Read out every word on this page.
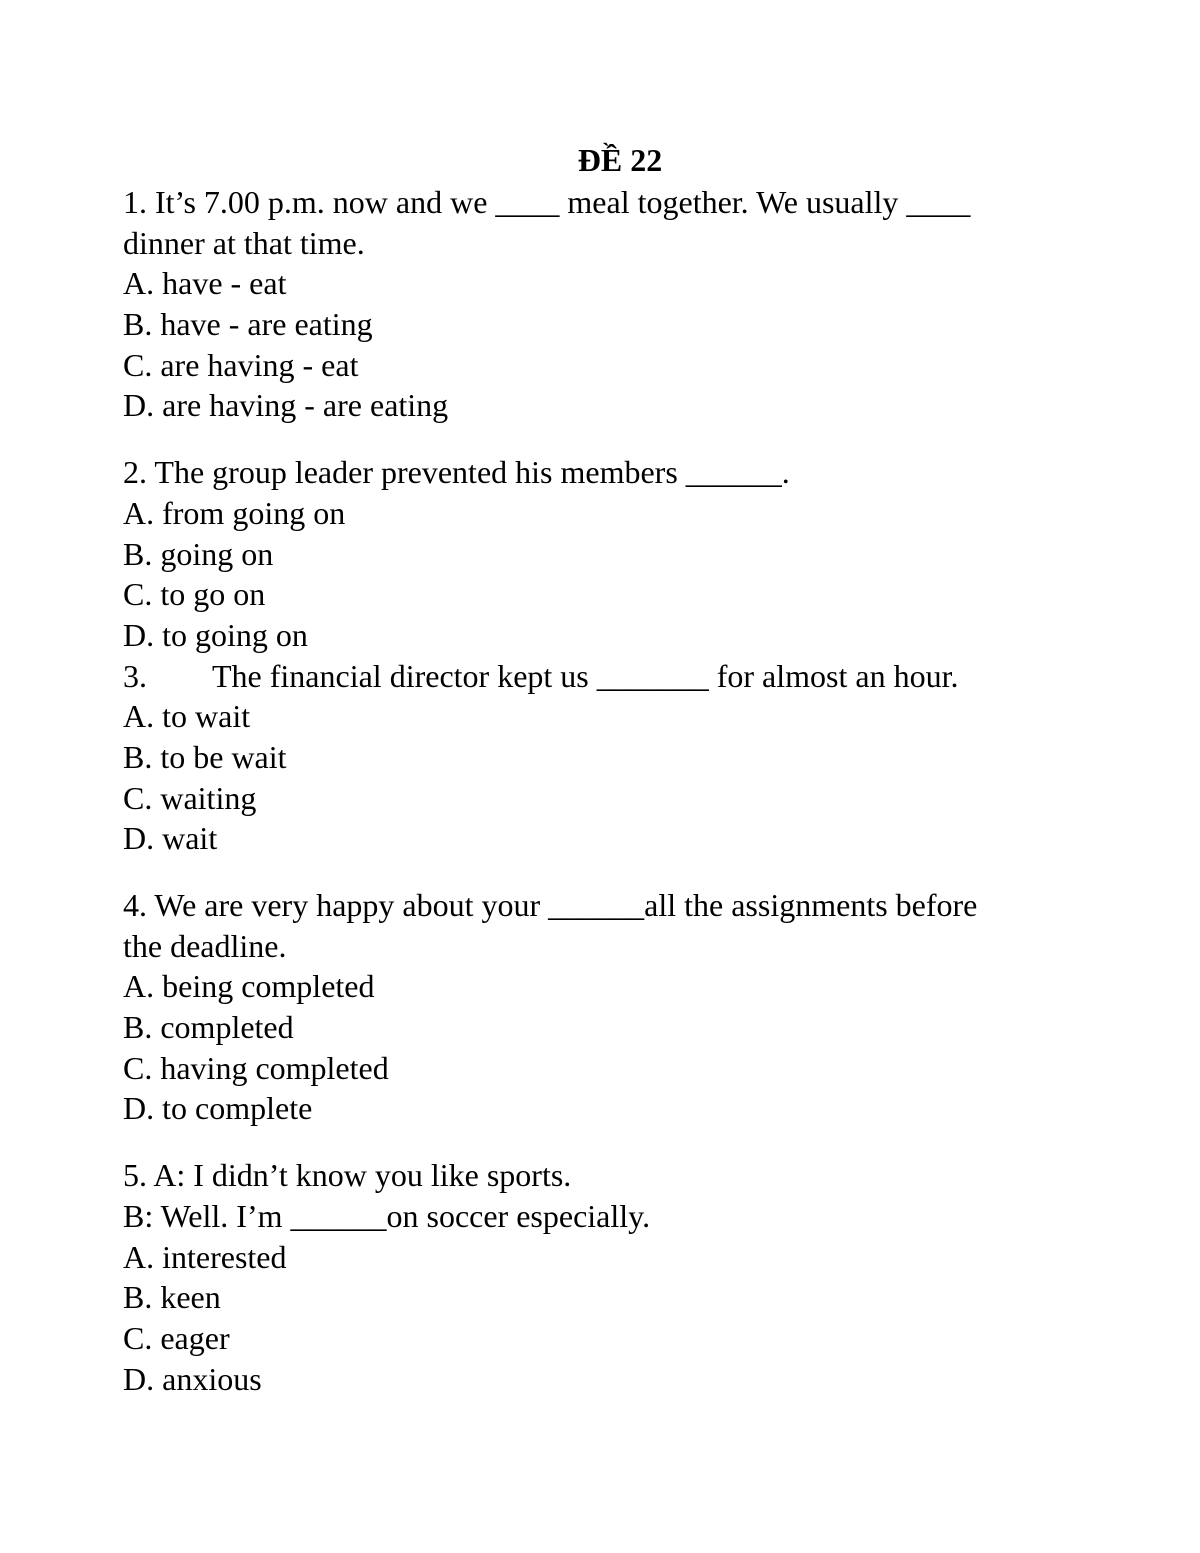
ĐỀ 22
1. It’s 7.00 p.m. now and we ____ meal together. We usually ____
dinner at that time.
A. have - eat
B. have - are eating
C. are having - eat
D. are having - are eating
2. The group leader prevented his members ______.
A. from going on
B. going on
C. to go on
D. to going on
3. The financial director kept us _______ for almost an hour.
A. to wait
B. to be wait
C. waiting
D. wait
4. We are very happy about your ______all the assignments before
the deadline.
A. being completed
B. completed
C. having completed
D. to complete
5. A: I didn’t know you like sports.
B: Well. I’m ______on soccer especially.
A. interested
B. keen
C. eager
D. anxious
